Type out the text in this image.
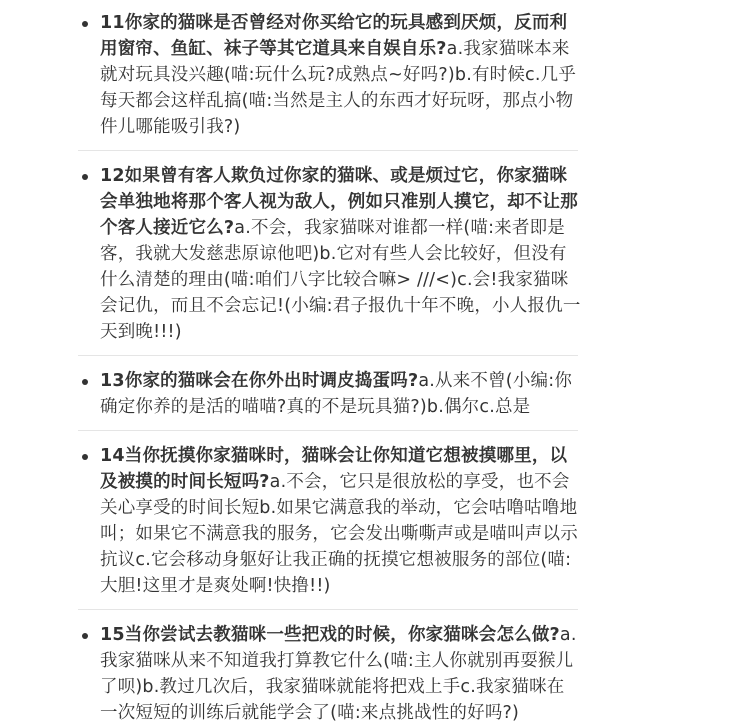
11你家的猫咪是否曾经对你买给它的玩具感到厌烦，反而利用窗帘、鱼缸、袜子等其它道具来自娱自乐?a.我家猫咪本来就对玩具没兴趣(喵:玩什么玩?成熟点~好吗?)b.有时候c.几乎每天都会这样乱搞(喵:当然是主人的东西才好玩呀，那点小物件儿哪能吸引我?)
12如果曾有客人欺负过你家的猫咪、或是烦过它，你家猫咪会单独地将那个客人视为敌人，例如只准别人摸它，却不让那个客人接近它么?a.不会，我家猫咪对谁都一样(喵:来者即是客，我就大发慈悲原谅他吧)b.它对有些人会比较好，但没有什么清楚的理由(喵:咱们八字比较合嘛> ///<)c.会!我家猫咪会记仇，而且不会忘记!(小编:君子报仇十年不晚，小人报仇一天到晚!!!)
13你家的猫咪会在你外出时调皮捣蛋吗?a.从来不曾(小编:你确定你养的是活的喵喵?真的不是玩具猫?)b.偶尔c.总是
14当你抚摸你家猫咪时，猫咪会让你知道它想被摸哪里，以及被摸的时间长短吗?a.不会，它只是很放松的享受，也不会关心享受的时间长短b.如果它满意我的举动，它会咕噜咕噜地叫；如果它不满意我的服务，它会发出嘶嘶声或是喵叫声以示抗议c.它会移动身躯好让我正确的抚摸它想被服务的部位(喵:大胆!这里才是爽处啊!快撸!!)
15当你尝试去教猫咪一些把戏的时候，你家猫咪会怎么做?a.我家猫咪从来不知道我打算教它什么(喵:主人你就别再耍猴儿了呗)b.教过几次后，我家猫咪就能将把戏上手c.我家猫咪在一次短短的训练后就能学会了(喵:来点挑战性的好吗?)
